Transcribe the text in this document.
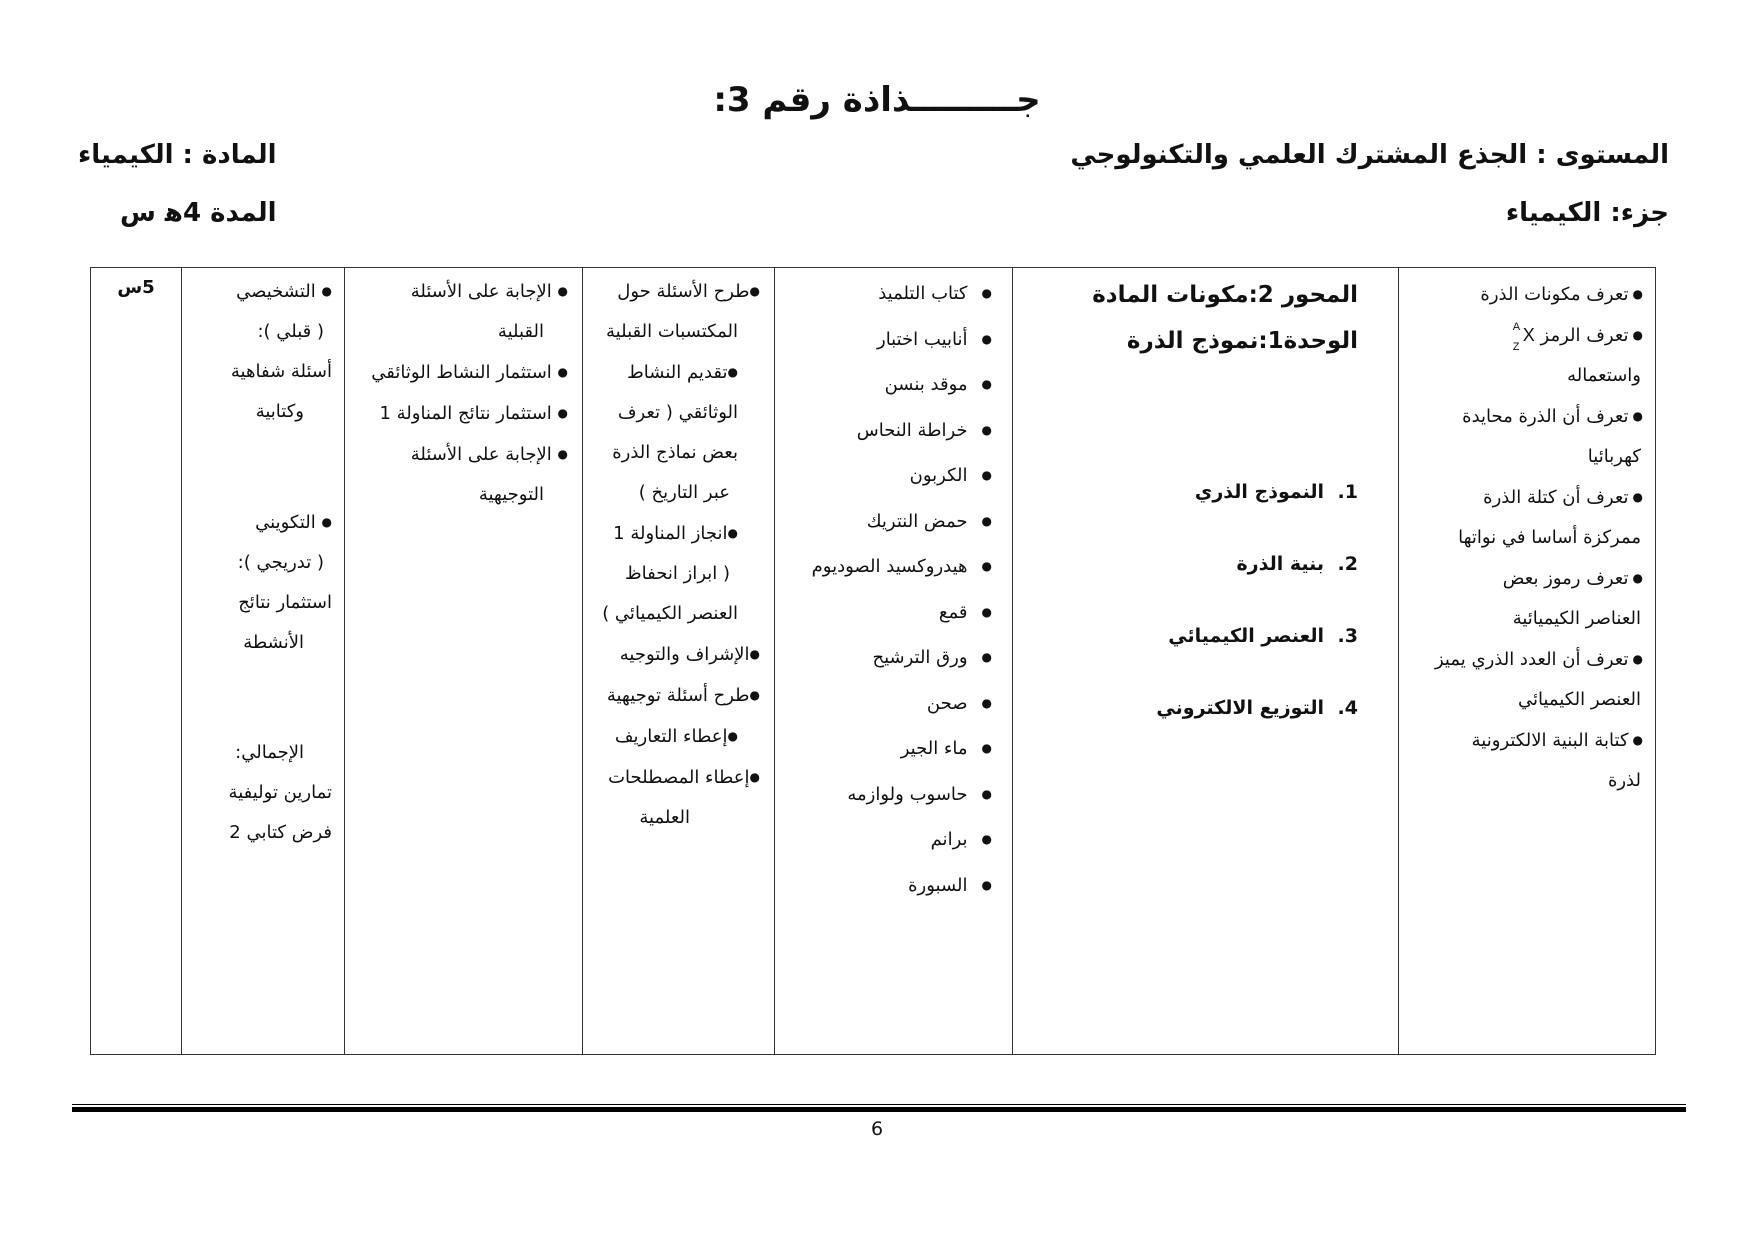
جـــــــــذاذة رقم 3:
المستوى : الجذع المشترك العلمي والتكنولوجي
جزء: الكيمياء
المادة : الكيمياء
المدة 4ﻫ س
●تعرف مكونات الذرة
●تعرف الرمز
A
Z
X
واستعماله
●تعرف أن الذرة محايدة
كهربائيا
●تعرف أن كتلة الذرة
ممركزة أساسا في نواتها
●تعرف رموز بعض
العناصر الكيميائية
●تعرف أن العدد الذري يميز
العنصر الكيميائي
●كتابة البنية الالكترونية
لذرة

المحور 2:مكونات المادة
الوحدة1:نموذج الذرة
1.النموذج الذري
2.بنية الذرة
3.العنصر الكيميائي
4.التوزيع الالكتروني

●كتاب التلميذ
●أنابيب اختبار
●موقد بنسن
●خراطة النحاس
●الكربون
●حمض النتريك
●هيدروكسيد الصوديوم
●قمع
●ورق الترشيح
●صحن
●ماء الجير
●حاسوب ولوازمه
●برانم
●السبورة

●طرح الأسئلة حول
المكتسبات القبلية
●تقديم النشاط
الوثائقي ( تعرف
بعض نماذج الذرة
عبر التاريخ )
●انجاز المناولة 1
( ابراز انحفاظ
العنصر الكيميائي )
●الإشراف والتوجيه
●طرح أسئلة توجيهية
●إعطاء التعاريف
●إعطاء المصطلحات
العلمية

● الإجابة على الأسئلة
القبلية
● استثمار النشاط الوثائقي
● استثمار نتائج المناولة 1
● الإجابة على الأسئلة
التوجيهية

● التشخيصي
( قبلي ):
أسئلة شفاهية
وكتابية
● التكويني
( تدريجي ):
استثمار نتائج
الأنشطة
الإجمالي:
تمارين توليفية
فرض كتابي 2
	5س
6
